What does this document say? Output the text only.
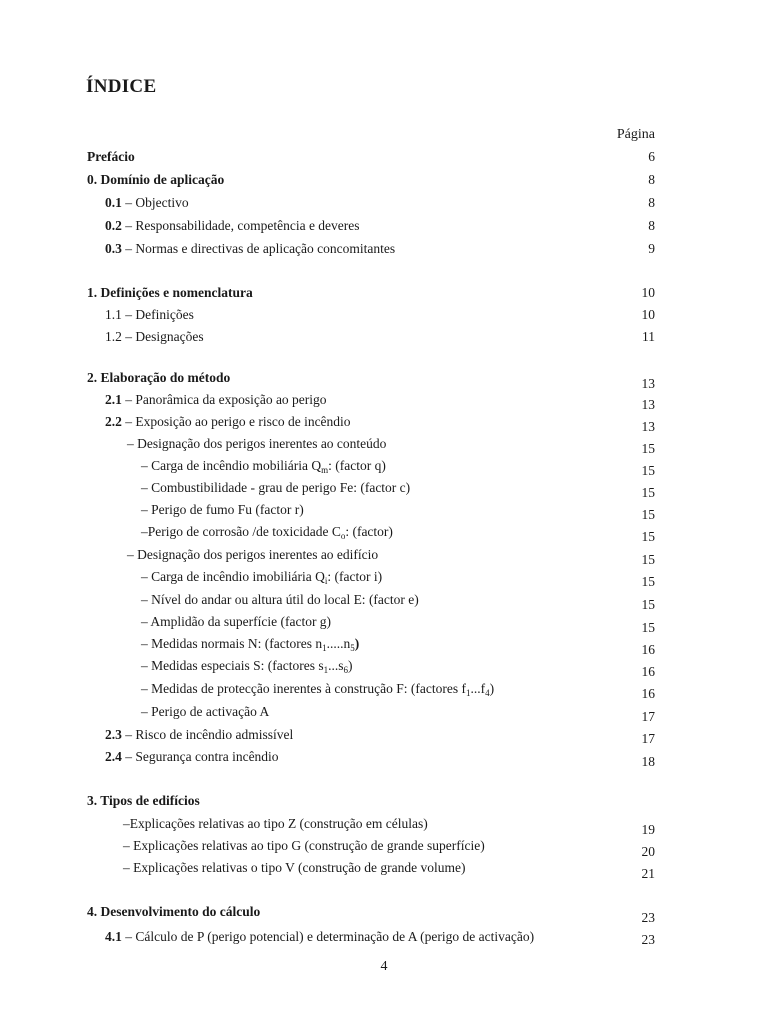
ÍNDICE
Página
Prefácio	6
0. Domínio de aplicação	8
0.1 – Objectivo	8
0.2 – Responsabilidade, competência e deveres	8
0.3 – Normas e directivas de aplicação concomitantes	9
1. Definições e nomenclatura	10
1.1 – Definições	10
1.2 – Designações	11
2. Elaboração do método	13
2.1 – Panorâmica da exposição ao perigo	13
2.2 – Exposição ao perigo e risco de incêndio	13
– Designação dos perigos inerentes ao conteúdo	15
– Carga de incêndio mobiliária $Q_m$: (factor q)	15
– Combustibilidade - grau de perigo Fe: (factor c)	15
– Perigo de fumo Fu (factor r)	15
–Perigo de corrosão /de toxicidade $C_o$: (factor)	15
– Designação dos perigos inerentes ao edifício	15
– Carga de incêndio imobiliária $Q_i$: (factor i)	15
– Nível do andar ou altura útil do local E: (factor e)	15
– Amplidão da superfície (factor g)	15
– Medidas normais N: (factores $n_1.....n_5$)	16
– Medidas especiais S: (factores $s_1...s_6$)	16
– Medidas de protecção inerentes à construção F: (factores $f_1...f_4$)	16
– Perigo de activação A	17
2.3 – Risco de incêndio admissível	17
2.4 – Segurança contra incêndio	18
3. Tipos de edifícios
–Explicações relativas ao tipo Z (construção em células)	19
– Explicações relativas ao tipo G (construção de grande superfície)	20
– Explicações relativas o tipo V (construção de grande volume)	21
4. Desenvolvimento do cálculo	23
4.1 – Cálculo de P (perigo potencial) e determinação de A (perigo de activação)	23
4
